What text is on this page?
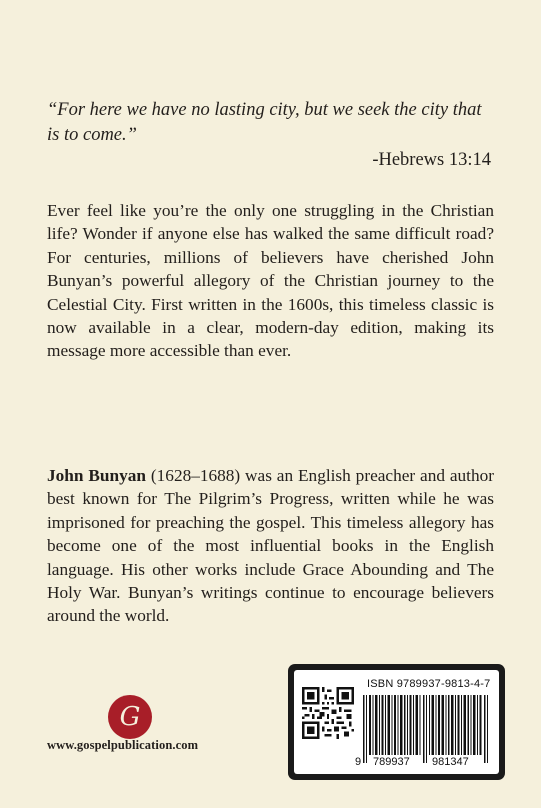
“For here we have no lasting city, but we seek the city that is to come.”
-Hebrews 13:14
Ever feel like you’re the only one struggling in the Christian life? Wonder if anyone else has walked the same difficult road? For centuries, millions of believers have cherished John Bunyan’s powerful allegory of the Christian journey to the Celestial City. First written in the 1600s, this timeless classic is now available in a clear, modern-day edition, making its message more accessible than ever.
John Bunyan (1628–1688) was an English preacher and author best known for The Pilgrim’s Progress, written while he was imprisoned for preaching the gospel. This timeless allegory has become one of the most influential books in the English language. His other works include Grace Abounding and The Holy War. Bunyan’s writings continue to encourage believers around the world.
G
www.gospelpublication.com
ISBN 9789937-9813-4-7
9 789937 981347
